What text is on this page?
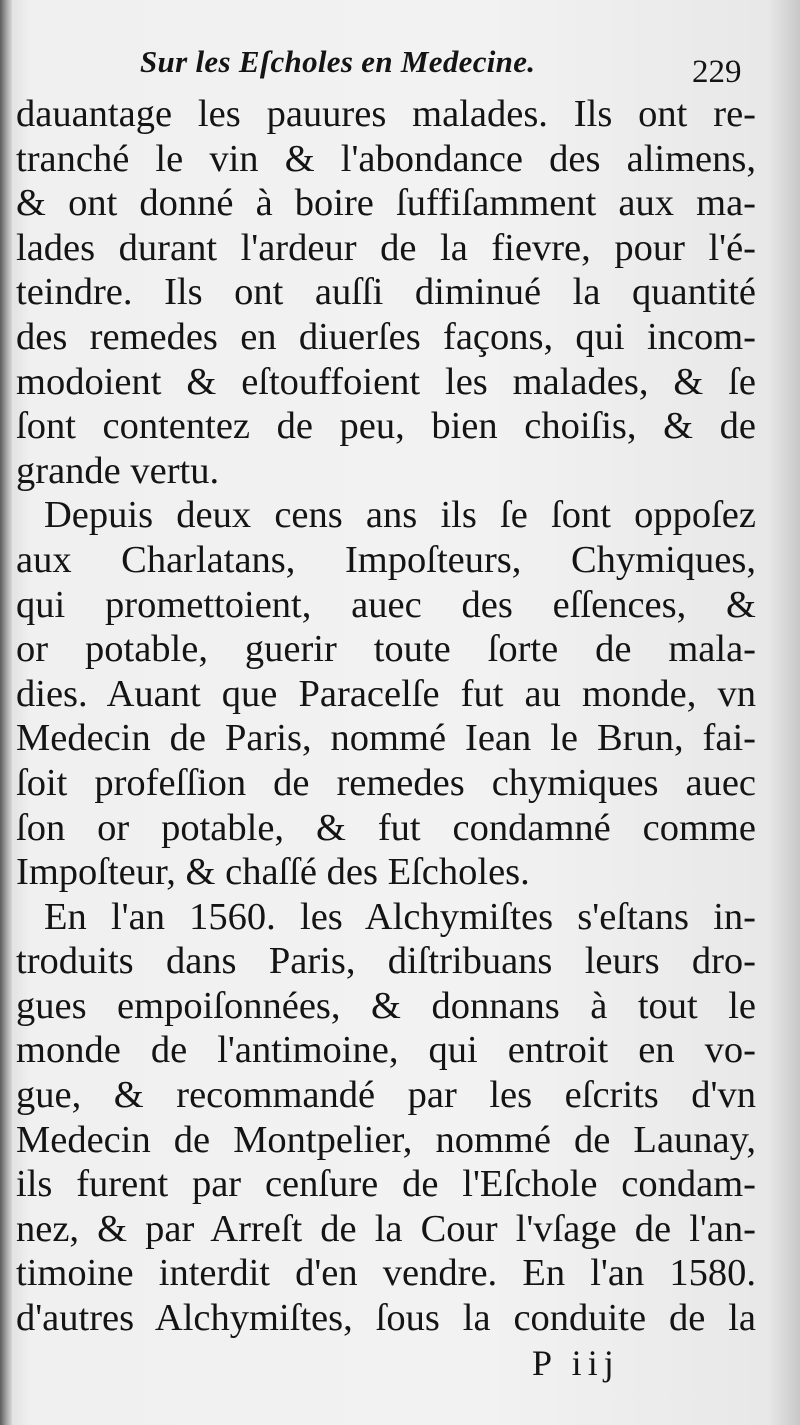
Sur les Eſcholes en Medecine.	229
dauantage les pauures malades. Ils ont re-
tranché le vin & l'abondance des alimens,
& ont donné à boire ſuffiſamment aux ma-
lades durant l'ardeur de la fievre, pour l'é-
teindre. Ils ont auſſi diminué la quantité
des remedes en diuerſes façons, qui incom-
modoient & eſtouffoient les malades, & ſe
ſont contentez de peu, bien choiſis, & de
grande vertu.
Depuis deux cens ans ils ſe ſont oppoſez
aux Charlatans, Impoſteurs, Chymiques,
qui promettoient, auec des eſſences, &
or potable, guerir toute ſorte de mala-
dies. Auant que Paracelſe fut au monde, vn
Medecin de Paris, nommé Iean le Brun, fai-
ſoit profeſſion de remedes chymiques auec
ſon or potable, & fut condamné comme
Impoſteur, & chaſſé des Eſcholes.
En l'an 1560. les Alchymiſtes s'eſtans in-
troduits dans Paris, diſtribuans leurs dro-
gues empoiſonnées, & donnans à tout le
monde de l'antimoine, qui entroit en vo-
gue, & recommandé par les eſcrits d'vn
Medecin de Montpelier, nommé de Launay,
ils furent par cenſure de l'Eſchole condam-
nez, & par Arreſt de la Cour l'vſage de l'an-
timoine interdit d'en vendre. En l'an 1580.
d'autres Alchymiſtes, ſous la conduite de la
P iij
